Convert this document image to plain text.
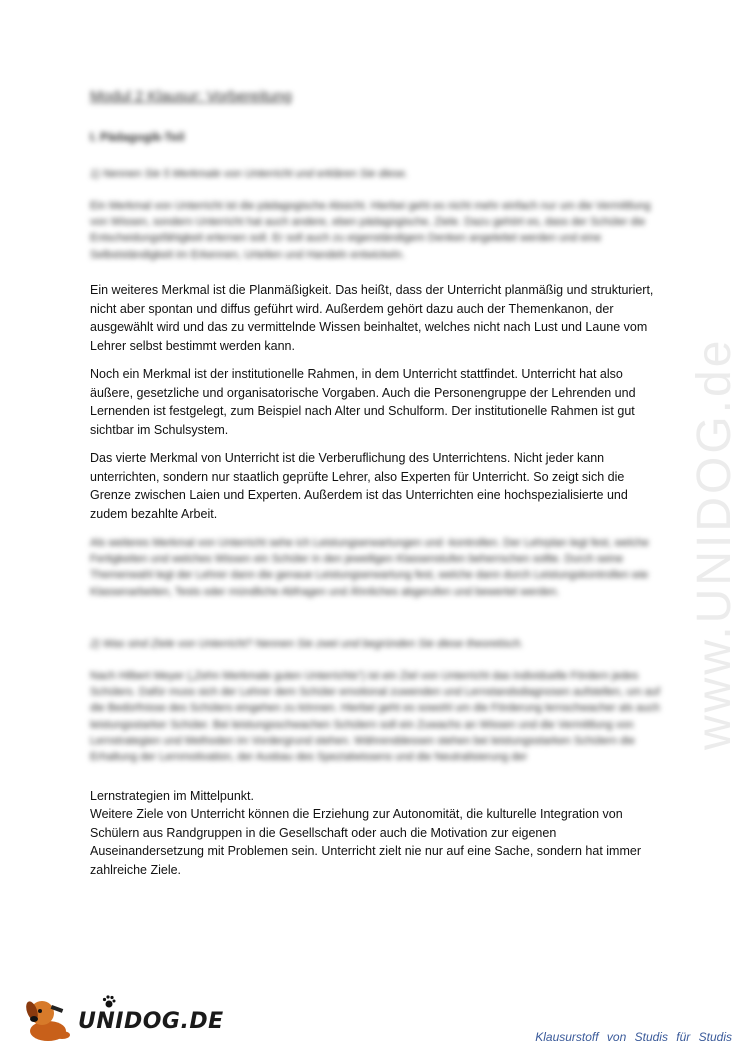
www.UNIDOG.de
Modul 2 Klausur: Vorbereitung
I. Pädagogik-Teil
1) Nennen Sie 5 Merkmale von Unterricht und erklären Sie diese.

Ein Merkmal von Unterricht ist die pädagogische Absicht. Hierbei geht es nicht mehr einfach nur um die Vermittlung von Wissen, sondern Unterricht hat auch andere, eben pädagogische, Ziele. Dazu gehört es, dass der Schüler die Entscheidungsfähigkeit erlernen soll. Er soll auch zu eigenständigem Denken angeleitet werden und eine Selbstständigkeit im Erkennen, Urteilen und Handeln entwickeln.

Ein weiteres Merkmal ist die Planmäßigkeit. Das heißt, dass der Unterricht planmäßig und strukturiert, nicht aber spontan und diffus geführt wird. Außerdem gehört dazu auch der Themenkanon, der ausgewählt wird und das zu vermittelnde Wissen beinhaltet, welches nicht nach Lust und Laune vom Lehrer selbst bestimmt werden kann.

Noch ein Merkmal ist der institutionelle Rahmen, in dem Unterricht stattfindet. Unterricht hat also äußere, gesetzliche und organisatorische Vorgaben. Auch die Personengruppe der Lehrenden und Lernenden ist festgelegt, zum Beispiel nach Alter und Schulform. Der institutionelle Rahmen ist gut sichtbar im Schulsystem.

Das vierte Merkmal von Unterricht ist die Verberuflichung des Unterrichtens. Nicht jeder kann unterrichten, sondern nur staatlich geprüfte Lehrer, also Experten für Unterricht. So zeigt sich die Grenze zwischen Laien und Experten. Außerdem ist das Unterrichten eine hochspezialisierte und zudem bezahlte Arbeit.

Als weiteres Merkmal von Unterricht sehe ich Leistungserwartungen und -kontrollen. Der Lehrplan legt fest, welche Fertigkeiten und welches Wissen ein Schüler in den jeweiligen Klassenstufen beherrschen sollte. Durch seine Themenwahl legt der Lehrer dann die genaue Leistungserwartung fest, welche dann durch Leistungskontrollen wie Klassenarbeiten, Tests oder mündliche Abfragen und Ähnliches abgerufen und bewertet werden.

2) Was sind Ziele von Unterricht? Nennen Sie zwei und begründen Sie diese theoretisch.

Nach Hilbert Meyer („Zehn Merkmale guten Unterrichts“) ist ein Ziel von Unterricht das individuelle Fördern jedes Schülers. Dafür muss sich der Lehrer dem Schüler emotional zuwenden und Lernstandsdiagnosen aufstellen, um auf die Bedürfnisse des Schülers eingehen zu können. Hierbei geht es sowohl um die Förderung lernschwacher als auch leistungsstarker Schüler. Bei leistungsschwachen Schülern soll ein Zuwachs an Wissen und die Vermittlung von Lernstrategien und Methoden im Vordergrund stehen. Währenddessen stehen bei leistungsstarken Schülern die Erhaltung der Lernmotivation, der Ausbau des Spezialwissens und die Neutralisierung der

Lernstrategien im Mittelpunkt.

Weitere Ziele von Unterricht können die Erziehung zur Autonomität, die kulturelle Integration von Schülern aus Randgruppen in die Gesellschaft oder auch die Motivation zur eigenen Auseinandersetzung mit Problemen sein. Unterricht zielt nie nur auf eine Sache, sondern hat immer zahlreiche Ziele.

UNIDOG.DE
Klausurstoff von Studis für Studis
